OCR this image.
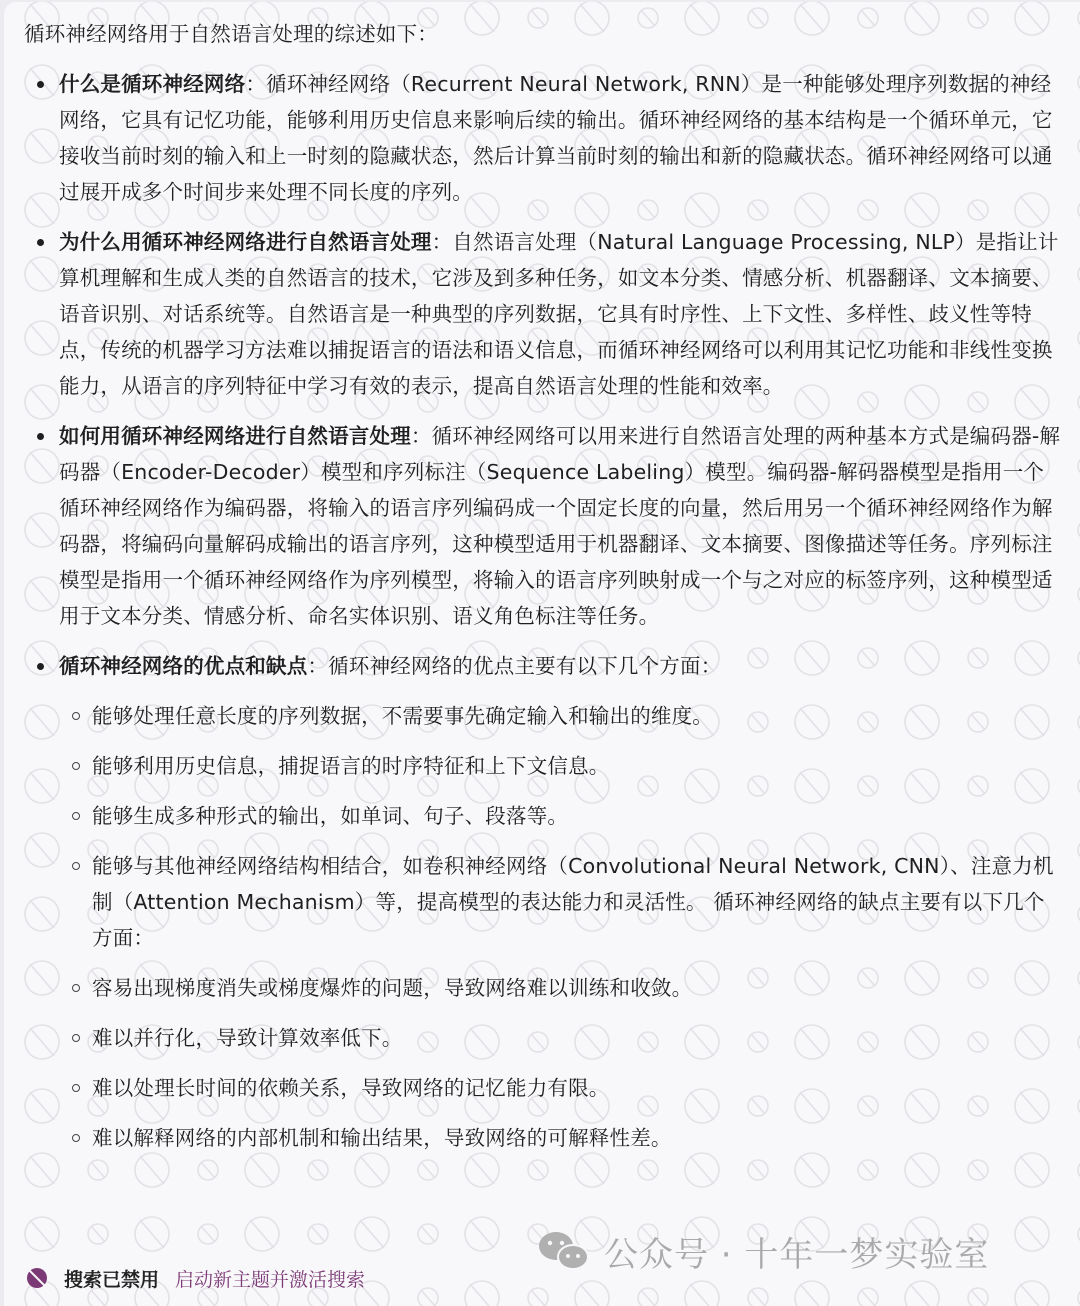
循环神经网络用于自然语言处理的综述如下：

什么是循环神经网络：循环神经网络（Recurrent Neural Network, RNN）是一种能够处理序列数据的神经网络，它具有记忆功能，能够利用历史信息来影响后续的输出。循环神经网络的基本结构是一个循环单元，它接收当前时刻的输入和上一时刻的隐藏状态，然后计算当前时刻的输出和新的隐藏状态。循环神经网络可以通过展开成多个时间步来处理不同长度的序列。
为什么用循环神经网络进行自然语言处理：自然语言处理（Natural Language Processing, NLP）是指让计算机理解和生成人类的自然语言的技术，它涉及到多种任务，如文本分类、情感分析、机器翻译、文本摘要、语音识别、对话系统等。自然语言是一种典型的序列数据，它具有时序性、上下文性、多样性、歧义性等特点，传统的机器学习方法难以捕捉语言的语法和语义信息，而循环神经网络可以利用其记忆功能和非线性变换能力，从语言的序列特征中学习有效的表示，提高自然语言处理的性能和效率。
如何用循环神经网络进行自然语言处理：循环神经网络可以用来进行自然语言处理的两种基本方式是编码器-解码器（Encoder-Decoder）模型和序列标注（Sequence Labeling）模型。编码器-解码器模型是指用一个循环神经网络作为编码器，将输入的语言序列编码成一个固定长度的向量，然后用另一个循环神经网络作为解码器，将编码向量解码成输出的语言序列，这种模型适用于机器翻译、文本摘要、图像描述等任务。序列标注模型是指用一个循环神经网络作为序列模型，将输入的语言序列映射成一个与之对应的标签序列，这种模型适用于文本分类、情感分析、命名实体识别、语义角色标注等任务。
循环神经网络的优点和缺点：循环神经网络的优点主要有以下几个方面：
能够处理任意长度的序列数据，不需要事先确定输入和输出的维度。
能够利用历史信息，捕捉语言的时序特征和上下文信息。
能够生成多种形式的输出，如单词、句子、段落等。
能够与其他神经网络结构相结合，如卷积神经网络（Convolutional Neural Network, CNN）、注意力机制（Attention Mechanism）等，提高模型的表达能力和灵活性。 循环神经网络的缺点主要有以下几个方面：
容易出现梯度消失或梯度爆炸的问题，导致网络难以训练和收敛。
难以并行化，导致计算效率低下。
难以处理长时间的依赖关系，导致网络的记忆能力有限。
难以解释网络的内部机制和输出结果，导致网络的可解释性差。
公众号 · 十年一梦实验室
搜索已禁用 启动新主题并激活搜索
